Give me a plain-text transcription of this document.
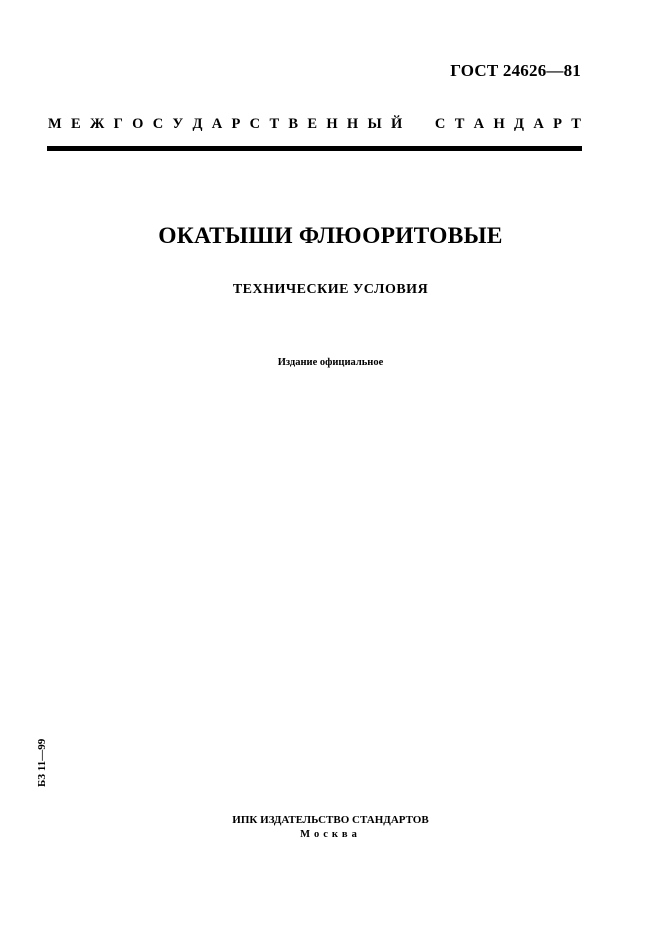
ГОСТ 24626—81
М Е Ж Г О С У Д А Р С Т В Е Н Н Ы Й
С Т А Н Д А Р Т
ОКАТЫШИ ФЛЮОРИТОВЫЕ
ТЕХНИЧЕСКИЕ УСЛОВИЯ
Издание официальное
БЗ 11—99
ИПК ИЗДАТЕЛЬСТВО СТАНДАРТОВ
Москва
